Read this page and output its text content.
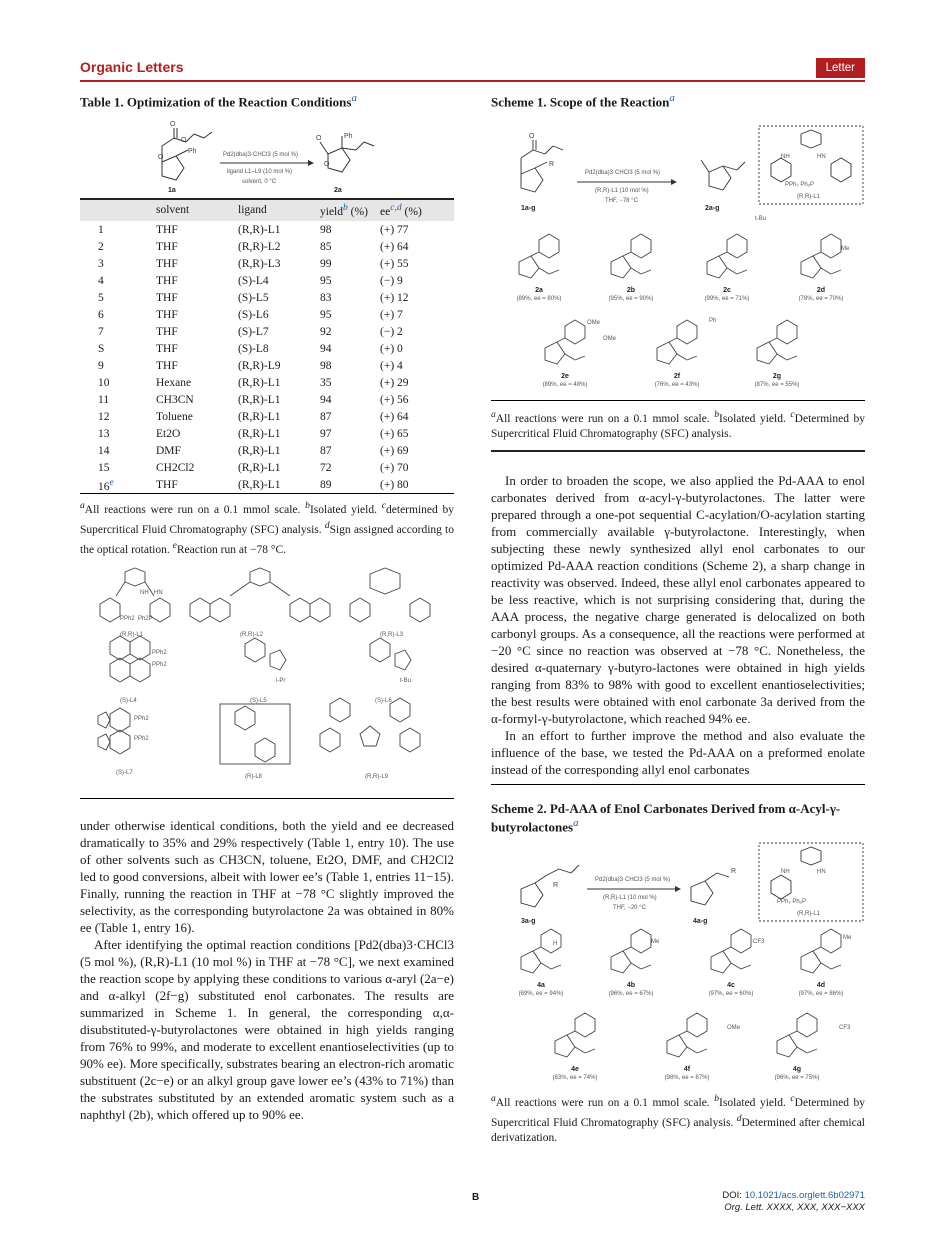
Organic Letters	Letter

Table 1. Optimization of the Reaction Conditions$^a$

O
O
O
Ph
1a
Pd2(dba)3·CHCl3 (5 mol %)
ligand L1–L9 (10 mol %)
solvent, 0 °C
O
O
Ph
2a

	solvent	ligand	yield$^b$ (%)	ee$^{c,d}$ (%)
1	THF	(R,R)-L1	98	(+) 77
2	THF	(R,R)-L2	85	(+) 64
3	THF	(R,R)-L3	99	(+) 55
4	THF	(S)-L4	95	(−) 9
5	THF	(S)-L5	83	(+) 12
6	THF	(S)-L6	95	(+) 7
7	THF	(S)-L7	92	(−) 2
S	THF	(S)-L8	94	(+) 0
9	THF	(R,R)-L9	98	(+) 4
10	Hexane	(R,R)-L1	35	(+) 29
11	CH3CN	(R,R)-L1	94	(+) 56
12	Toluene	(R,R)-L1	87	(+) 64
13	Et2O	(R,R)-L1	97	(+) 65
14	DMF	(R,R)-L1	87	(+) 69
15	CH2Cl2	(R,R)-L1	72	(+) 70
16e	THF	(R,R)-L1	89	(+) 80

$^a$All reactions were run on a 0.1 mmol scale. $^b$Isolated yield. $^c$determined by Supercritical Fluid Chromatography (SFC) analysis. $^d$Sign assigned according to the optical rotation. $^e$Reaction run at −78 °C.

NH HN
PPh2 Ph2P
PPh2
PPh2
i-Pr	t-Bu
PPh2
PPh2
(R,R)-L1	(R,R)-L2	(R,R)-L3
(S)-L4	(S)-L5	(S)-L6
(S)-L7
(R)-L8	(R,R)-L9

under otherwise identical conditions, both the yield and ee decreased dramatically to 35% and 29% respectively (Table 1, entry 10). The use of other solvents such as CH3CN, toluene, Et2O, DMF, and CH2Cl2 led to good conversions, albeit with lower ee’s (Table 1, entries 11−15). Finally, running the reaction in THF at −78 °C slightly improved the selectivity, as the corresponding butyrolactone 2a was obtained in 80% ee (Table 1, entry 16).

After identifying the optimal reaction conditions [Pd2(dba)3·CHCl3 (5 mol %), (R,R)-L1 (10 mol %) in THF at −78 °C], we next examined the reaction scope by applying these conditions to various α-aryl (2a−e) and α-alkyl (2f−g) substituted enol carbonates. The results are summarized in Scheme 1. In general, the corresponding α,α-disubstituted-γ-butyrolactones were obtained in high yields ranging from 76% to 99%, and moderate to excellent enantioselectivities (up to 90% ee). More specifically, substrates bearing an electron-rich aromatic substituent (2c−e) or an alkyl group gave lower ee’s (43% to 71%) than the substrates substituted by an extended aromatic system such as a naphthyl (2b), which offered up to 90% ee.

Scheme 1. Scope of the Reaction$^a$

O
R
1a-g
Pd2(dba)3·CHCl3 (5 mol %)
(R,R)-L1 (10 mol %)
THF, −78 °C
2a-g
(R,R)-L1
NH	HN
PPh₂ Ph₂P
t-Bu
Me
OMe
OMe
Ph
2a
(89%, ee = 80%)
2b
(95%, ee = 90%)
2c
(99%, ee = 71%)
2d
(78%, ee = 70%)
2e
(89%, ee = 48%)
2f
(76%, ee = 43%)
2g
(87%, ee = 55%)

$^a$All reactions were run on a 0.1 mmol scale. $^b$Isolated yield. $^c$Determined by Supercritical Fluid Chromatography (SFC) analysis.

In order to broaden the scope, we also applied the Pd-AAA to enol carbonates derived from α-acyl-γ-butyrolactones. The latter were prepared through a one-pot sequential C-acylation/O-acylation starting from commercially available γ-butyrolactone. Interestingly, when subjecting these newly synthesized allyl enol carbonates to our optimized Pd-AAA reaction conditions (Scheme 2), a sharp change in reactivity was observed. Indeed, these allyl enol carbonates appeared to be less reactive, which is not surprising considering that, during the AAA process, the negative charge generated is delocalized on both carbonyl groups. As a consequence, all the reactions were performed at −20 °C since no reaction was observed at −78 °C. Nonetheless, the desired α-quaternary γ-butyro-lactones were obtained in high yields ranging from 83% to 98% with good to excellent enantioselectivities; the best results were obtained with enol carbonate 3a derived from the α-formyl-γ-butyrolactone, which reached 94% ee.

In an effort to further improve the method and also evaluate the influence of the base, we tested the Pd-AAA on a preformed enolate instead of the corresponding allyl enol carbonates

Scheme 2. Pd-AAA of Enol Carbonates Derived from α-Acyl-γ-butyrolactones$^a$

R
R
3a-g	4a-g
Pd2(dba)3·CHCl3 (5 mol %)
(R,R)-L1 (10 mol %)
THF, −20 °C
(R,R)-L1
NH	HN
PPh₂ Ph₂P
H	Me	CF3
Me
OMe	CF3
4a
(69%, ee = 94%)
4b
(96%, ee = 67%)
4c
(97%, ee = 60%)
4d
(97%, ee = 86%)
4e
(83%, ee = 74%)
4f
(98%, ee = 87%)
4g
(96%, ee = 75%)

$^a$All reactions were run on a 0.1 mmol scale. $^b$Isolated yield. $^c$Determined by Supercritical Fluid Chromatography (SFC) analysis. $^d$Determined after chemical derivatization.

B	DOI: 10.1021/acs.orglett.6b02971
Org. Lett. XXXX, XXX, XXX−XXX
